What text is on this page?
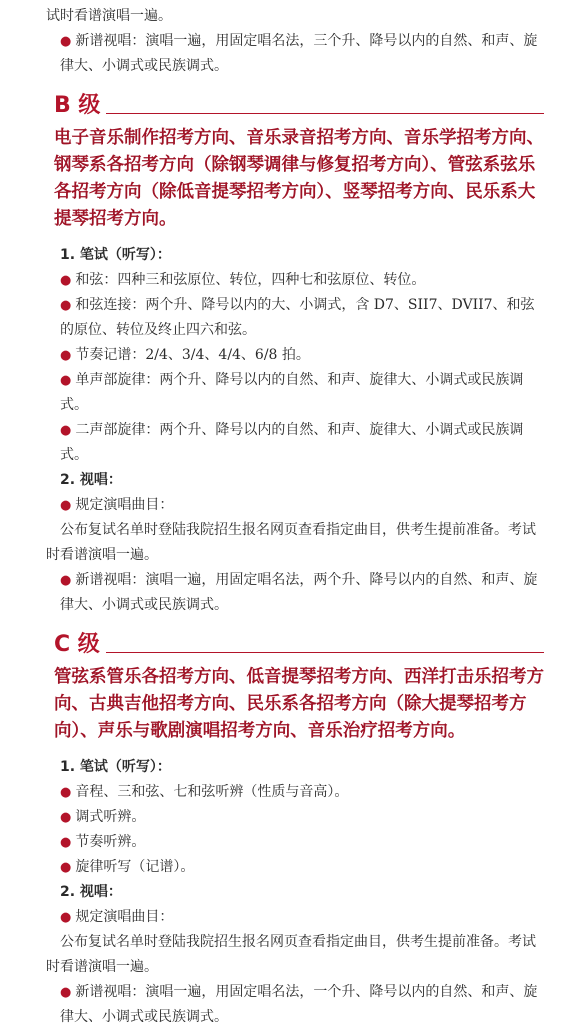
试时看谱演唱一遍。

● 新谱视唱：演唱一遍，用固定唱名法，三个升、降号以内的自然、和声、旋律大、小调式或民族调式。

B 级

电子音乐制作招考方向、音乐录音招考方向、音乐学招考方向、钢琴系各招考方向（除钢琴调律与修复招考方向）、管弦系弦乐各招考方向（除低音提琴招考方向）、竖琴招考方向、民乐系大提琴招考方向。

1. 笔试（听写）：

● 和弦：四种三和弦原位、转位，四种七和弦原位、转位。

● 和弦连接：两个升、降号以内的大、小调式，含 D7、SII7、DVII7、和弦的原位、转位及终止四六和弦。

● 节奏记谱：2/4、3/4、4/4、6/8 拍。

● 单声部旋律：两个升、降号以内的自然、和声、旋律大、小调式或民族调式。

● 二声部旋律：两个升、降号以内的自然、和声、旋律大、小调式或民族调式。

2. 视唱：

● 规定演唱曲目：

公布复试名单时登陆我院招生报名网页查看指定曲目，供考生提前准备。考试时看谱演唱一遍。

● 新谱视唱：演唱一遍，用固定唱名法，两个升、降号以内的自然、和声、旋律大、小调式或民族调式。

C 级

管弦系管乐各招考方向、低音提琴招考方向、西洋打击乐招考方向、古典吉他招考方向、民乐系各招考方向（除大提琴招考方向）、声乐与歌剧演唱招考方向、音乐治疗招考方向。

1. 笔试（听写）：

● 音程、三和弦、七和弦听辨（性质与音高）。

● 调式听辨。

● 节奏听辨。

● 旋律听写（记谱）。

2. 视唱：

● 规定演唱曲目：

公布复试名单时登陆我院招生报名网页查看指定曲目，供考生提前准备。考试时看谱演唱一遍。

● 新谱视唱：演唱一遍，用固定唱名法，一个升、降号以内的自然、和声、旋律大、小调式或民族调式。
